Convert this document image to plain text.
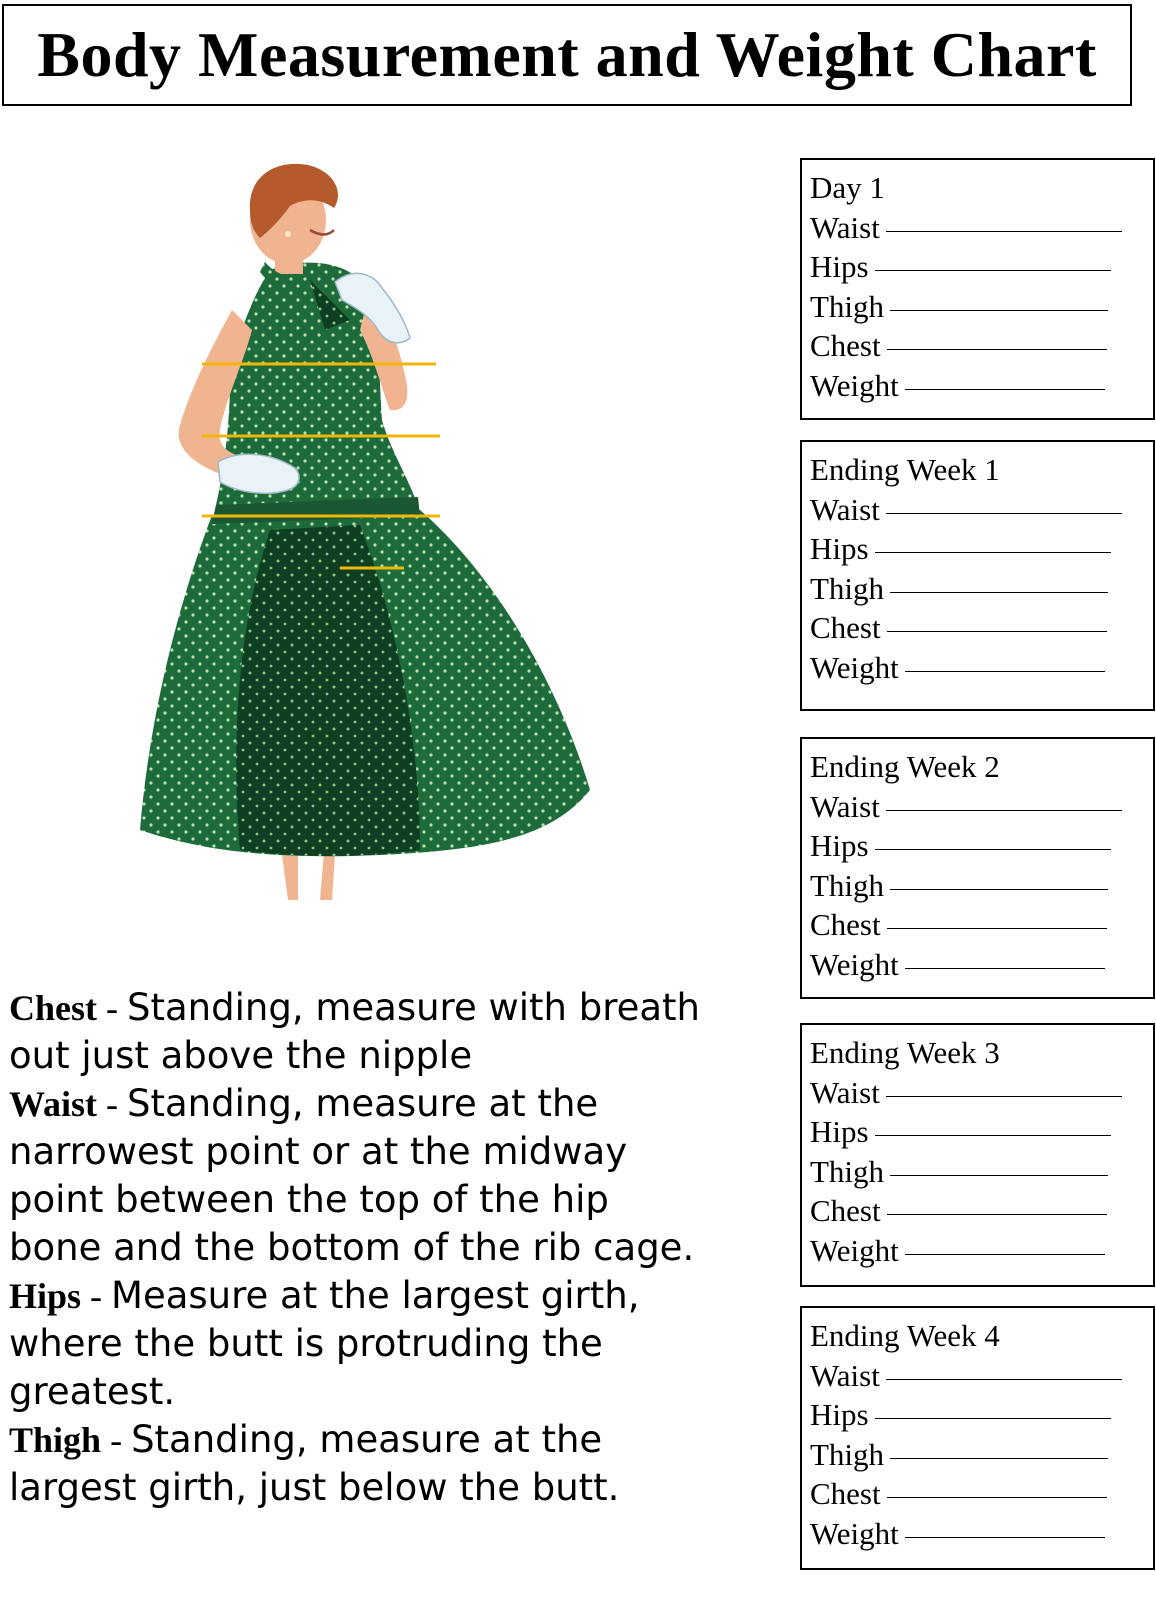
Body Measurement and Weight Chart

Chest - Standing, measure with breath out just above the nipple

Waist - Standing, measure at the narrowest point or at the midway point between the top of the hip bone and the bottom of the rib cage.

Hips - Measure at the largest girth, where the butt is protruding the greatest.

Thigh - Standing, measure at the largest girth, just below the butt.

Day 1
Waist
Hips
Thigh
Chest
Weight
Ending Week 1
Waist
Hips
Thigh
Chest
Weight
Ending Week 2
Waist
Hips
Thigh
Chest
Weight
Ending Week 3
Waist
Hips
Thigh
Chest
Weight
Ending Week 4
Waist
Hips
Thigh
Chest
Weight
